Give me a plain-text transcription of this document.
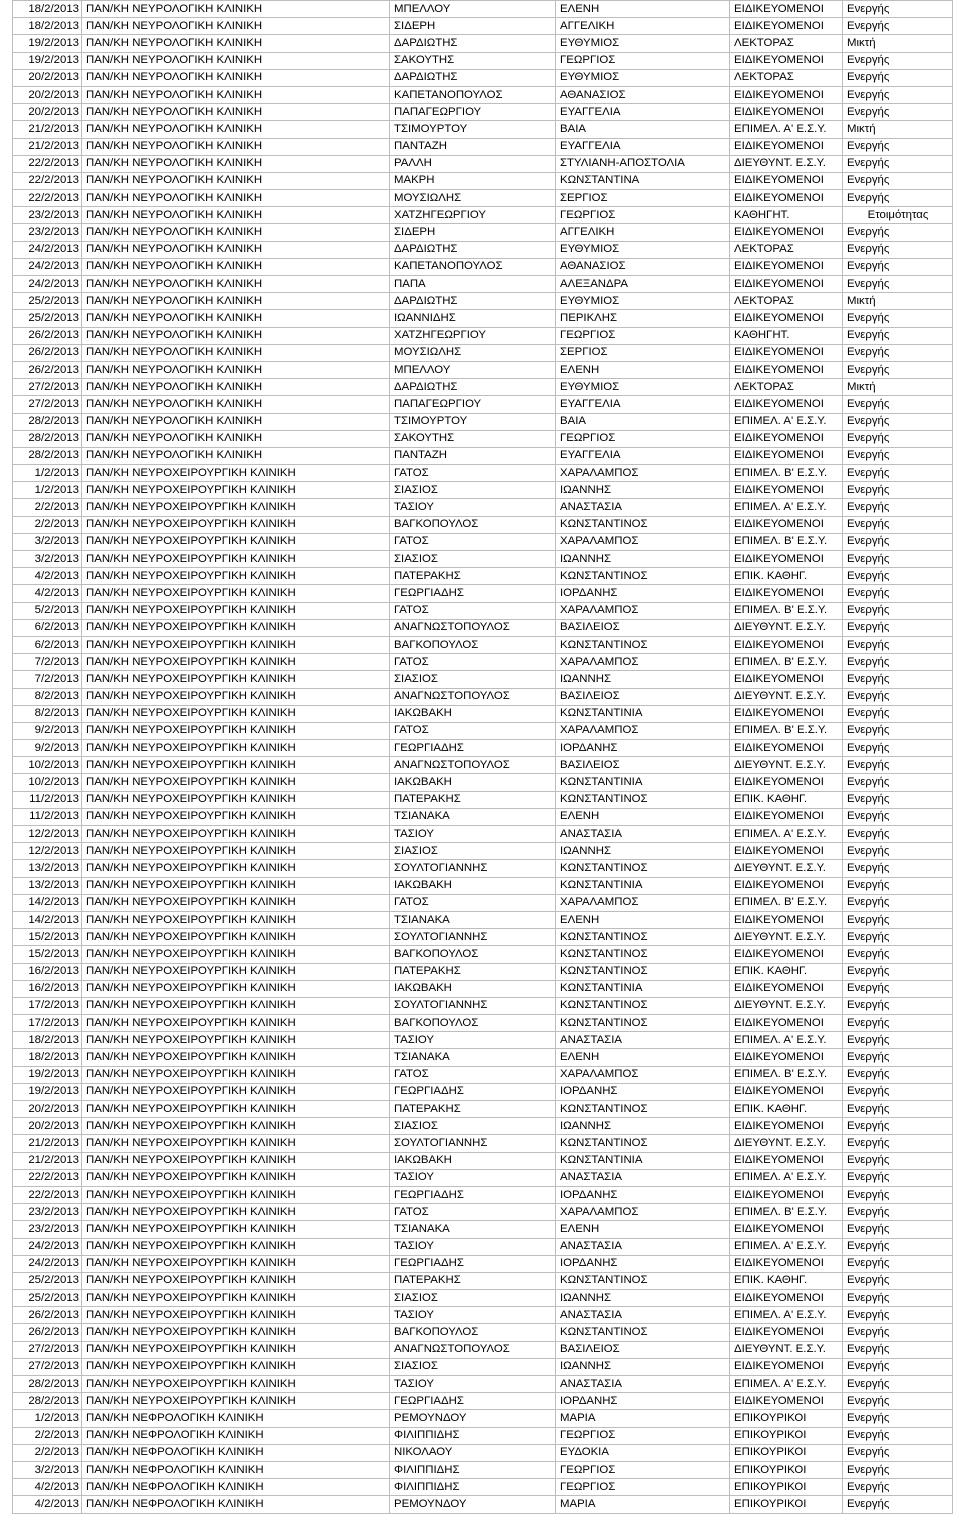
18/2/2013	ΠΑΝ/ΚΗ ΝΕΥΡΟΛΟΓΙΚΗ ΚΛΙΝΙΚΗ	ΜΠΕΛΛΟΥ	ΕΛΕΝΗ	ΕΙΔΙΚΕΥΟΜΕΝΟΙ	Ενεργής
18/2/2013	ΠΑΝ/ΚΗ ΝΕΥΡΟΛΟΓΙΚΗ ΚΛΙΝΙΚΗ	ΣΙΔΕΡΗ	ΑΓΓΕΛΙΚΗ	ΕΙΔΙΚΕΥΟΜΕΝΟΙ	Ενεργής
19/2/2013	ΠΑΝ/ΚΗ ΝΕΥΡΟΛΟΓΙΚΗ ΚΛΙΝΙΚΗ	ΔΑΡΔΙΩΤΗΣ	ΕΥΘΥΜΙΟΣ	ΛΕΚΤΟΡΑΣ	Μικτή
19/2/2013	ΠΑΝ/ΚΗ ΝΕΥΡΟΛΟΓΙΚΗ ΚΛΙΝΙΚΗ	ΣΑΚΟΥΤΗΣ	ΓΕΩΡΓΙΟΣ	ΕΙΔΙΚΕΥΟΜΕΝΟΙ	Ενεργής
20/2/2013	ΠΑΝ/ΚΗ ΝΕΥΡΟΛΟΓΙΚΗ ΚΛΙΝΙΚΗ	ΔΑΡΔΙΩΤΗΣ	ΕΥΘΥΜΙΟΣ	ΛΕΚΤΟΡΑΣ	Ενεργής
20/2/2013	ΠΑΝ/ΚΗ ΝΕΥΡΟΛΟΓΙΚΗ ΚΛΙΝΙΚΗ	ΚΑΠΕΤΑΝΟΠΟΥΛΟΣ	ΑΘΑΝΑΣΙΟΣ	ΕΙΔΙΚΕΥΟΜΕΝΟΙ	Ενεργής
20/2/2013	ΠΑΝ/ΚΗ ΝΕΥΡΟΛΟΓΙΚΗ ΚΛΙΝΙΚΗ	ΠΑΠΑΓΕΩΡΓΙΟΥ	ΕΥΑΓΓΕΛΙΑ	ΕΙΔΙΚΕΥΟΜΕΝΟΙ	Ενεργής
21/2/2013	ΠΑΝ/ΚΗ ΝΕΥΡΟΛΟΓΙΚΗ ΚΛΙΝΙΚΗ	ΤΣΙΜΟΥΡΤΟΥ	ΒΑΙΑ	ΕΠΙΜΕΛ. Α' Ε.Σ.Υ.	Μικτή
21/2/2013	ΠΑΝ/ΚΗ ΝΕΥΡΟΛΟΓΙΚΗ ΚΛΙΝΙΚΗ	ΠΑΝΤΑΖΗ	ΕΥΑΓΓΕΛΙΑ	ΕΙΔΙΚΕΥΟΜΕΝΟΙ	Ενεργής
22/2/2013	ΠΑΝ/ΚΗ ΝΕΥΡΟΛΟΓΙΚΗ ΚΛΙΝΙΚΗ	ΡΑΛΛΗ	ΣΤΥΛΙΑΝΗ-ΑΠΟΣΤΟΛΙΑ	ΔΙΕΥΘΥΝΤ. Ε.Σ.Υ.	Ενεργής
22/2/2013	ΠΑΝ/ΚΗ ΝΕΥΡΟΛΟΓΙΚΗ ΚΛΙΝΙΚΗ	ΜΑΚΡΗ	ΚΩΝΣΤΑΝΤΙΝΑ	ΕΙΔΙΚΕΥΟΜΕΝΟΙ	Ενεργής
22/2/2013	ΠΑΝ/ΚΗ ΝΕΥΡΟΛΟΓΙΚΗ ΚΛΙΝΙΚΗ	ΜΟΥΣΙΩΛΗΣ	ΣΕΡΓΙΟΣ	ΕΙΔΙΚΕΥΟΜΕΝΟΙ	Ενεργής
23/2/2013	ΠΑΝ/ΚΗ ΝΕΥΡΟΛΟΓΙΚΗ ΚΛΙΝΙΚΗ	ΧΑΤΖΗΓΕΩΡΓΙΟΥ	ΓΕΩΡΓΙΟΣ	ΚΑΘΗΓΗΤ.	Ετοιμότητας
23/2/2013	ΠΑΝ/ΚΗ ΝΕΥΡΟΛΟΓΙΚΗ ΚΛΙΝΙΚΗ	ΣΙΔΕΡΗ	ΑΓΓΕΛΙΚΗ	ΕΙΔΙΚΕΥΟΜΕΝΟΙ	Ενεργής
24/2/2013	ΠΑΝ/ΚΗ ΝΕΥΡΟΛΟΓΙΚΗ ΚΛΙΝΙΚΗ	ΔΑΡΔΙΩΤΗΣ	ΕΥΘΥΜΙΟΣ	ΛΕΚΤΟΡΑΣ	Ενεργής
24/2/2013	ΠΑΝ/ΚΗ ΝΕΥΡΟΛΟΓΙΚΗ ΚΛΙΝΙΚΗ	ΚΑΠΕΤΑΝΟΠΟΥΛΟΣ	ΑΘΑΝΑΣΙΟΣ	ΕΙΔΙΚΕΥΟΜΕΝΟΙ	Ενεργής
24/2/2013	ΠΑΝ/ΚΗ ΝΕΥΡΟΛΟΓΙΚΗ ΚΛΙΝΙΚΗ	ΠΑΠΑ	ΑΛΕΞΑΝΔΡΑ	ΕΙΔΙΚΕΥΟΜΕΝΟΙ	Ενεργής
25/2/2013	ΠΑΝ/ΚΗ ΝΕΥΡΟΛΟΓΙΚΗ ΚΛΙΝΙΚΗ	ΔΑΡΔΙΩΤΗΣ	ΕΥΘΥΜΙΟΣ	ΛΕΚΤΟΡΑΣ	Μικτή
25/2/2013	ΠΑΝ/ΚΗ ΝΕΥΡΟΛΟΓΙΚΗ ΚΛΙΝΙΚΗ	ΙΩΑΝΝΙΔΗΣ	ΠΕΡΙΚΛΗΣ	ΕΙΔΙΚΕΥΟΜΕΝΟΙ	Ενεργής
26/2/2013	ΠΑΝ/ΚΗ ΝΕΥΡΟΛΟΓΙΚΗ ΚΛΙΝΙΚΗ	ΧΑΤΖΗΓΕΩΡΓΙΟΥ	ΓΕΩΡΓΙΟΣ	ΚΑΘΗΓΗΤ.	Ενεργής
26/2/2013	ΠΑΝ/ΚΗ ΝΕΥΡΟΛΟΓΙΚΗ ΚΛΙΝΙΚΗ	ΜΟΥΣΙΩΛΗΣ	ΣΕΡΓΙΟΣ	ΕΙΔΙΚΕΥΟΜΕΝΟΙ	Ενεργής
26/2/2013	ΠΑΝ/ΚΗ ΝΕΥΡΟΛΟΓΙΚΗ ΚΛΙΝΙΚΗ	ΜΠΕΛΛΟΥ	ΕΛΕΝΗ	ΕΙΔΙΚΕΥΟΜΕΝΟΙ	Ενεργής
27/2/2013	ΠΑΝ/ΚΗ ΝΕΥΡΟΛΟΓΙΚΗ ΚΛΙΝΙΚΗ	ΔΑΡΔΙΩΤΗΣ	ΕΥΘΥΜΙΟΣ	ΛΕΚΤΟΡΑΣ	Μικτή
27/2/2013	ΠΑΝ/ΚΗ ΝΕΥΡΟΛΟΓΙΚΗ ΚΛΙΝΙΚΗ	ΠΑΠΑΓΕΩΡΓΙΟΥ	ΕΥΑΓΓΕΛΙΑ	ΕΙΔΙΚΕΥΟΜΕΝΟΙ	Ενεργής
28/2/2013	ΠΑΝ/ΚΗ ΝΕΥΡΟΛΟΓΙΚΗ ΚΛΙΝΙΚΗ	ΤΣΙΜΟΥΡΤΟΥ	ΒΑΙΑ	ΕΠΙΜΕΛ. Α' Ε.Σ.Υ.	Ενεργής
28/2/2013	ΠΑΝ/ΚΗ ΝΕΥΡΟΛΟΓΙΚΗ ΚΛΙΝΙΚΗ	ΣΑΚΟΥΤΗΣ	ΓΕΩΡΓΙΟΣ	ΕΙΔΙΚΕΥΟΜΕΝΟΙ	Ενεργής
28/2/2013	ΠΑΝ/ΚΗ ΝΕΥΡΟΛΟΓΙΚΗ ΚΛΙΝΙΚΗ	ΠΑΝΤΑΖΗ	ΕΥΑΓΓΕΛΙΑ	ΕΙΔΙΚΕΥΟΜΕΝΟΙ	Ενεργής
1/2/2013	ΠΑΝ/ΚΗ ΝΕΥΡΟΧΕΙΡΟΥΡΓΙΚΗ ΚΛΙΝΙΚΗ	ΓΑΤΟΣ	ΧΑΡΑΛΑΜΠΟΣ	ΕΠΙΜΕΛ. Β' Ε.Σ.Υ.	Ενεργής
1/2/2013	ΠΑΝ/ΚΗ ΝΕΥΡΟΧΕΙΡΟΥΡΓΙΚΗ ΚΛΙΝΙΚΗ	ΣΙΑΣΙΟΣ	ΙΩΑΝΝΗΣ	ΕΙΔΙΚΕΥΟΜΕΝΟΙ	Ενεργής
2/2/2013	ΠΑΝ/ΚΗ ΝΕΥΡΟΧΕΙΡΟΥΡΓΙΚΗ ΚΛΙΝΙΚΗ	ΤΑΣΙΟΥ	ΑΝΑΣΤΑΣΙΑ	ΕΠΙΜΕΛ. Α' Ε.Σ.Υ.	Ενεργής
2/2/2013	ΠΑΝ/ΚΗ ΝΕΥΡΟΧΕΙΡΟΥΡΓΙΚΗ ΚΛΙΝΙΚΗ	ΒΑΓΚΟΠΟΥΛΟΣ	ΚΩΝΣΤΑΝΤΙΝΟΣ	ΕΙΔΙΚΕΥΟΜΕΝΟΙ	Ενεργής
3/2/2013	ΠΑΝ/ΚΗ ΝΕΥΡΟΧΕΙΡΟΥΡΓΙΚΗ ΚΛΙΝΙΚΗ	ΓΑΤΟΣ	ΧΑΡΑΛΑΜΠΟΣ	ΕΠΙΜΕΛ. Β' Ε.Σ.Υ.	Ενεργής
3/2/2013	ΠΑΝ/ΚΗ ΝΕΥΡΟΧΕΙΡΟΥΡΓΙΚΗ ΚΛΙΝΙΚΗ	ΣΙΑΣΙΟΣ	ΙΩΑΝΝΗΣ	ΕΙΔΙΚΕΥΟΜΕΝΟΙ	Ενεργής
4/2/2013	ΠΑΝ/ΚΗ ΝΕΥΡΟΧΕΙΡΟΥΡΓΙΚΗ ΚΛΙΝΙΚΗ	ΠΑΤΕΡΑΚΗΣ	ΚΩΝΣΤΑΝΤΙΝΟΣ	ΕΠΙΚ. ΚΑΘΗΓ.	Ενεργής
4/2/2013	ΠΑΝ/ΚΗ ΝΕΥΡΟΧΕΙΡΟΥΡΓΙΚΗ ΚΛΙΝΙΚΗ	ΓΕΩΡΓΙΑΔΗΣ	ΙΟΡΔΑΝΗΣ	ΕΙΔΙΚΕΥΟΜΕΝΟΙ	Ενεργής
5/2/2013	ΠΑΝ/ΚΗ ΝΕΥΡΟΧΕΙΡΟΥΡΓΙΚΗ ΚΛΙΝΙΚΗ	ΓΑΤΟΣ	ΧΑΡΑΛΑΜΠΟΣ	ΕΠΙΜΕΛ. Β' Ε.Σ.Υ.	Ενεργής
6/2/2013	ΠΑΝ/ΚΗ ΝΕΥΡΟΧΕΙΡΟΥΡΓΙΚΗ ΚΛΙΝΙΚΗ	ΑΝΑΓΝΩΣΤΟΠΟΥΛΟΣ	ΒΑΣΙΛΕΙΟΣ	ΔΙΕΥΘΥΝΤ. Ε.Σ.Υ.	Ενεργής
6/2/2013	ΠΑΝ/ΚΗ ΝΕΥΡΟΧΕΙΡΟΥΡΓΙΚΗ ΚΛΙΝΙΚΗ	ΒΑΓΚΟΠΟΥΛΟΣ	ΚΩΝΣΤΑΝΤΙΝΟΣ	ΕΙΔΙΚΕΥΟΜΕΝΟΙ	Ενεργής
7/2/2013	ΠΑΝ/ΚΗ ΝΕΥΡΟΧΕΙΡΟΥΡΓΙΚΗ ΚΛΙΝΙΚΗ	ΓΑΤΟΣ	ΧΑΡΑΛΑΜΠΟΣ	ΕΠΙΜΕΛ. Β' Ε.Σ.Υ.	Ενεργής
7/2/2013	ΠΑΝ/ΚΗ ΝΕΥΡΟΧΕΙΡΟΥΡΓΙΚΗ ΚΛΙΝΙΚΗ	ΣΙΑΣΙΟΣ	ΙΩΑΝΝΗΣ	ΕΙΔΙΚΕΥΟΜΕΝΟΙ	Ενεργής
8/2/2013	ΠΑΝ/ΚΗ ΝΕΥΡΟΧΕΙΡΟΥΡΓΙΚΗ ΚΛΙΝΙΚΗ	ΑΝΑΓΝΩΣΤΟΠΟΥΛΟΣ	ΒΑΣΙΛΕΙΟΣ	ΔΙΕΥΘΥΝΤ. Ε.Σ.Υ.	Ενεργής
8/2/2013	ΠΑΝ/ΚΗ ΝΕΥΡΟΧΕΙΡΟΥΡΓΙΚΗ ΚΛΙΝΙΚΗ	ΙΑΚΩΒΑΚΗ	ΚΩΝΣΤΑΝΤΙΝΙΑ	ΕΙΔΙΚΕΥΟΜΕΝΟΙ	Ενεργής
9/2/2013	ΠΑΝ/ΚΗ ΝΕΥΡΟΧΕΙΡΟΥΡΓΙΚΗ ΚΛΙΝΙΚΗ	ΓΑΤΟΣ	ΧΑΡΑΛΑΜΠΟΣ	ΕΠΙΜΕΛ. Β' Ε.Σ.Υ.	Ενεργής
9/2/2013	ΠΑΝ/ΚΗ ΝΕΥΡΟΧΕΙΡΟΥΡΓΙΚΗ ΚΛΙΝΙΚΗ	ΓΕΩΡΓΙΑΔΗΣ	ΙΟΡΔΑΝΗΣ	ΕΙΔΙΚΕΥΟΜΕΝΟΙ	Ενεργής
10/2/2013	ΠΑΝ/ΚΗ ΝΕΥΡΟΧΕΙΡΟΥΡΓΙΚΗ ΚΛΙΝΙΚΗ	ΑΝΑΓΝΩΣΤΟΠΟΥΛΟΣ	ΒΑΣΙΛΕΙΟΣ	ΔΙΕΥΘΥΝΤ. Ε.Σ.Υ.	Ενεργής
10/2/2013	ΠΑΝ/ΚΗ ΝΕΥΡΟΧΕΙΡΟΥΡΓΙΚΗ ΚΛΙΝΙΚΗ	ΙΑΚΩΒΑΚΗ	ΚΩΝΣΤΑΝΤΙΝΙΑ	ΕΙΔΙΚΕΥΟΜΕΝΟΙ	Ενεργής
11/2/2013	ΠΑΝ/ΚΗ ΝΕΥΡΟΧΕΙΡΟΥΡΓΙΚΗ ΚΛΙΝΙΚΗ	ΠΑΤΕΡΑΚΗΣ	ΚΩΝΣΤΑΝΤΙΝΟΣ	ΕΠΙΚ. ΚΑΘΗΓ.	Ενεργής
11/2/2013	ΠΑΝ/ΚΗ ΝΕΥΡΟΧΕΙΡΟΥΡΓΙΚΗ ΚΛΙΝΙΚΗ	ΤΣΙΑΝΑΚΑ	ΕΛΕΝΗ	ΕΙΔΙΚΕΥΟΜΕΝΟΙ	Ενεργής
12/2/2013	ΠΑΝ/ΚΗ ΝΕΥΡΟΧΕΙΡΟΥΡΓΙΚΗ ΚΛΙΝΙΚΗ	ΤΑΣΙΟΥ	ΑΝΑΣΤΑΣΙΑ	ΕΠΙΜΕΛ. Α' Ε.Σ.Υ.	Ενεργής
12/2/2013	ΠΑΝ/ΚΗ ΝΕΥΡΟΧΕΙΡΟΥΡΓΙΚΗ ΚΛΙΝΙΚΗ	ΣΙΑΣΙΟΣ	ΙΩΑΝΝΗΣ	ΕΙΔΙΚΕΥΟΜΕΝΟΙ	Ενεργής
13/2/2013	ΠΑΝ/ΚΗ ΝΕΥΡΟΧΕΙΡΟΥΡΓΙΚΗ ΚΛΙΝΙΚΗ	ΣΟΥΛΤΟΓΙΑΝΝΗΣ	ΚΩΝΣΤΑΝΤΙΝΟΣ	ΔΙΕΥΘΥΝΤ. Ε.Σ.Υ.	Ενεργής
13/2/2013	ΠΑΝ/ΚΗ ΝΕΥΡΟΧΕΙΡΟΥΡΓΙΚΗ ΚΛΙΝΙΚΗ	ΙΑΚΩΒΑΚΗ	ΚΩΝΣΤΑΝΤΙΝΙΑ	ΕΙΔΙΚΕΥΟΜΕΝΟΙ	Ενεργής
14/2/2013	ΠΑΝ/ΚΗ ΝΕΥΡΟΧΕΙΡΟΥΡΓΙΚΗ ΚΛΙΝΙΚΗ	ΓΑΤΟΣ	ΧΑΡΑΛΑΜΠΟΣ	ΕΠΙΜΕΛ. Β' Ε.Σ.Υ.	Ενεργής
14/2/2013	ΠΑΝ/ΚΗ ΝΕΥΡΟΧΕΙΡΟΥΡΓΙΚΗ ΚΛΙΝΙΚΗ	ΤΣΙΑΝΑΚΑ	ΕΛΕΝΗ	ΕΙΔΙΚΕΥΟΜΕΝΟΙ	Ενεργής
15/2/2013	ΠΑΝ/ΚΗ ΝΕΥΡΟΧΕΙΡΟΥΡΓΙΚΗ ΚΛΙΝΙΚΗ	ΣΟΥΛΤΟΓΙΑΝΝΗΣ	ΚΩΝΣΤΑΝΤΙΝΟΣ	ΔΙΕΥΘΥΝΤ. Ε.Σ.Υ.	Ενεργής
15/2/2013	ΠΑΝ/ΚΗ ΝΕΥΡΟΧΕΙΡΟΥΡΓΙΚΗ ΚΛΙΝΙΚΗ	ΒΑΓΚΟΠΟΥΛΟΣ	ΚΩΝΣΤΑΝΤΙΝΟΣ	ΕΙΔΙΚΕΥΟΜΕΝΟΙ	Ενεργής
16/2/2013	ΠΑΝ/ΚΗ ΝΕΥΡΟΧΕΙΡΟΥΡΓΙΚΗ ΚΛΙΝΙΚΗ	ΠΑΤΕΡΑΚΗΣ	ΚΩΝΣΤΑΝΤΙΝΟΣ	ΕΠΙΚ. ΚΑΘΗΓ.	Ενεργής
16/2/2013	ΠΑΝ/ΚΗ ΝΕΥΡΟΧΕΙΡΟΥΡΓΙΚΗ ΚΛΙΝΙΚΗ	ΙΑΚΩΒΑΚΗ	ΚΩΝΣΤΑΝΤΙΝΙΑ	ΕΙΔΙΚΕΥΟΜΕΝΟΙ	Ενεργής
17/2/2013	ΠΑΝ/ΚΗ ΝΕΥΡΟΧΕΙΡΟΥΡΓΙΚΗ ΚΛΙΝΙΚΗ	ΣΟΥΛΤΟΓΙΑΝΝΗΣ	ΚΩΝΣΤΑΝΤΙΝΟΣ	ΔΙΕΥΘΥΝΤ. Ε.Σ.Υ.	Ενεργής
17/2/2013	ΠΑΝ/ΚΗ ΝΕΥΡΟΧΕΙΡΟΥΡΓΙΚΗ ΚΛΙΝΙΚΗ	ΒΑΓΚΟΠΟΥΛΟΣ	ΚΩΝΣΤΑΝΤΙΝΟΣ	ΕΙΔΙΚΕΥΟΜΕΝΟΙ	Ενεργής
18/2/2013	ΠΑΝ/ΚΗ ΝΕΥΡΟΧΕΙΡΟΥΡΓΙΚΗ ΚΛΙΝΙΚΗ	ΤΑΣΙΟΥ	ΑΝΑΣΤΑΣΙΑ	ΕΠΙΜΕΛ. Α' Ε.Σ.Υ.	Ενεργής
18/2/2013	ΠΑΝ/ΚΗ ΝΕΥΡΟΧΕΙΡΟΥΡΓΙΚΗ ΚΛΙΝΙΚΗ	ΤΣΙΑΝΑΚΑ	ΕΛΕΝΗ	ΕΙΔΙΚΕΥΟΜΕΝΟΙ	Ενεργής
19/2/2013	ΠΑΝ/ΚΗ ΝΕΥΡΟΧΕΙΡΟΥΡΓΙΚΗ ΚΛΙΝΙΚΗ	ΓΑΤΟΣ	ΧΑΡΑΛΑΜΠΟΣ	ΕΠΙΜΕΛ. Β' Ε.Σ.Υ.	Ενεργής
19/2/2013	ΠΑΝ/ΚΗ ΝΕΥΡΟΧΕΙΡΟΥΡΓΙΚΗ ΚΛΙΝΙΚΗ	ΓΕΩΡΓΙΑΔΗΣ	ΙΟΡΔΑΝΗΣ	ΕΙΔΙΚΕΥΟΜΕΝΟΙ	Ενεργής
20/2/2013	ΠΑΝ/ΚΗ ΝΕΥΡΟΧΕΙΡΟΥΡΓΙΚΗ ΚΛΙΝΙΚΗ	ΠΑΤΕΡΑΚΗΣ	ΚΩΝΣΤΑΝΤΙΝΟΣ	ΕΠΙΚ. ΚΑΘΗΓ.	Ενεργής
20/2/2013	ΠΑΝ/ΚΗ ΝΕΥΡΟΧΕΙΡΟΥΡΓΙΚΗ ΚΛΙΝΙΚΗ	ΣΙΑΣΙΟΣ	ΙΩΑΝΝΗΣ	ΕΙΔΙΚΕΥΟΜΕΝΟΙ	Ενεργής
21/2/2013	ΠΑΝ/ΚΗ ΝΕΥΡΟΧΕΙΡΟΥΡΓΙΚΗ ΚΛΙΝΙΚΗ	ΣΟΥΛΤΟΓΙΑΝΝΗΣ	ΚΩΝΣΤΑΝΤΙΝΟΣ	ΔΙΕΥΘΥΝΤ. Ε.Σ.Υ.	Ενεργής
21/2/2013	ΠΑΝ/ΚΗ ΝΕΥΡΟΧΕΙΡΟΥΡΓΙΚΗ ΚΛΙΝΙΚΗ	ΙΑΚΩΒΑΚΗ	ΚΩΝΣΤΑΝΤΙΝΙΑ	ΕΙΔΙΚΕΥΟΜΕΝΟΙ	Ενεργής
22/2/2013	ΠΑΝ/ΚΗ ΝΕΥΡΟΧΕΙΡΟΥΡΓΙΚΗ ΚΛΙΝΙΚΗ	ΤΑΣΙΟΥ	ΑΝΑΣΤΑΣΙΑ	ΕΠΙΜΕΛ. Α' Ε.Σ.Υ.	Ενεργής
22/2/2013	ΠΑΝ/ΚΗ ΝΕΥΡΟΧΕΙΡΟΥΡΓΙΚΗ ΚΛΙΝΙΚΗ	ΓΕΩΡΓΙΑΔΗΣ	ΙΟΡΔΑΝΗΣ	ΕΙΔΙΚΕΥΟΜΕΝΟΙ	Ενεργής
23/2/2013	ΠΑΝ/ΚΗ ΝΕΥΡΟΧΕΙΡΟΥΡΓΙΚΗ ΚΛΙΝΙΚΗ	ΓΑΤΟΣ	ΧΑΡΑΛΑΜΠΟΣ	ΕΠΙΜΕΛ. Β' Ε.Σ.Υ.	Ενεργής
23/2/2013	ΠΑΝ/ΚΗ ΝΕΥΡΟΧΕΙΡΟΥΡΓΙΚΗ ΚΛΙΝΙΚΗ	ΤΣΙΑΝΑΚΑ	ΕΛΕΝΗ	ΕΙΔΙΚΕΥΟΜΕΝΟΙ	Ενεργής
24/2/2013	ΠΑΝ/ΚΗ ΝΕΥΡΟΧΕΙΡΟΥΡΓΙΚΗ ΚΛΙΝΙΚΗ	ΤΑΣΙΟΥ	ΑΝΑΣΤΑΣΙΑ	ΕΠΙΜΕΛ. Α' Ε.Σ.Υ.	Ενεργής
24/2/2013	ΠΑΝ/ΚΗ ΝΕΥΡΟΧΕΙΡΟΥΡΓΙΚΗ ΚΛΙΝΙΚΗ	ΓΕΩΡΓΙΑΔΗΣ	ΙΟΡΔΑΝΗΣ	ΕΙΔΙΚΕΥΟΜΕΝΟΙ	Ενεργής
25/2/2013	ΠΑΝ/ΚΗ ΝΕΥΡΟΧΕΙΡΟΥΡΓΙΚΗ ΚΛΙΝΙΚΗ	ΠΑΤΕΡΑΚΗΣ	ΚΩΝΣΤΑΝΤΙΝΟΣ	ΕΠΙΚ. ΚΑΘΗΓ.	Ενεργής
25/2/2013	ΠΑΝ/ΚΗ ΝΕΥΡΟΧΕΙΡΟΥΡΓΙΚΗ ΚΛΙΝΙΚΗ	ΣΙΑΣΙΟΣ	ΙΩΑΝΝΗΣ	ΕΙΔΙΚΕΥΟΜΕΝΟΙ	Ενεργής
26/2/2013	ΠΑΝ/ΚΗ ΝΕΥΡΟΧΕΙΡΟΥΡΓΙΚΗ ΚΛΙΝΙΚΗ	ΤΑΣΙΟΥ	ΑΝΑΣΤΑΣΙΑ	ΕΠΙΜΕΛ. Α' Ε.Σ.Υ.	Ενεργής
26/2/2013	ΠΑΝ/ΚΗ ΝΕΥΡΟΧΕΙΡΟΥΡΓΙΚΗ ΚΛΙΝΙΚΗ	ΒΑΓΚΟΠΟΥΛΟΣ	ΚΩΝΣΤΑΝΤΙΝΟΣ	ΕΙΔΙΚΕΥΟΜΕΝΟΙ	Ενεργής
27/2/2013	ΠΑΝ/ΚΗ ΝΕΥΡΟΧΕΙΡΟΥΡΓΙΚΗ ΚΛΙΝΙΚΗ	ΑΝΑΓΝΩΣΤΟΠΟΥΛΟΣ	ΒΑΣΙΛΕΙΟΣ	ΔΙΕΥΘΥΝΤ. Ε.Σ.Υ.	Ενεργής
27/2/2013	ΠΑΝ/ΚΗ ΝΕΥΡΟΧΕΙΡΟΥΡΓΙΚΗ ΚΛΙΝΙΚΗ	ΣΙΑΣΙΟΣ	ΙΩΑΝΝΗΣ	ΕΙΔΙΚΕΥΟΜΕΝΟΙ	Ενεργής
28/2/2013	ΠΑΝ/ΚΗ ΝΕΥΡΟΧΕΙΡΟΥΡΓΙΚΗ ΚΛΙΝΙΚΗ	ΤΑΣΙΟΥ	ΑΝΑΣΤΑΣΙΑ	ΕΠΙΜΕΛ. Α' Ε.Σ.Υ.	Ενεργής
28/2/2013	ΠΑΝ/ΚΗ ΝΕΥΡΟΧΕΙΡΟΥΡΓΙΚΗ ΚΛΙΝΙΚΗ	ΓΕΩΡΓΙΑΔΗΣ	ΙΟΡΔΑΝΗΣ	ΕΙΔΙΚΕΥΟΜΕΝΟΙ	Ενεργής
1/2/2013	ΠΑΝ/ΚΗ ΝΕΦΡΟΛΟΓΙΚΗ ΚΛΙΝΙΚΗ	ΡΕΜΟΥΝΔΟΥ	ΜΑΡΙΑ	ΕΠΙΚΟΥΡΙΚΟΙ	Ενεργής
2/2/2013	ΠΑΝ/ΚΗ ΝΕΦΡΟΛΟΓΙΚΗ ΚΛΙΝΙΚΗ	ΦΙΛΙΠΠΙΔΗΣ	ΓΕΩΡΓΙΟΣ	ΕΠΙΚΟΥΡΙΚΟΙ	Ενεργής
2/2/2013	ΠΑΝ/ΚΗ ΝΕΦΡΟΛΟΓΙΚΗ ΚΛΙΝΙΚΗ	ΝΙΚΟΛΑΟΥ	ΕΥΔΟΚΙΑ	ΕΠΙΚΟΥΡΙΚΟΙ	Ενεργής
3/2/2013	ΠΑΝ/ΚΗ ΝΕΦΡΟΛΟΓΙΚΗ ΚΛΙΝΙΚΗ	ΦΙΛΙΠΠΙΔΗΣ	ΓΕΩΡΓΙΟΣ	ΕΠΙΚΟΥΡΙΚΟΙ	Ενεργής
4/2/2013	ΠΑΝ/ΚΗ ΝΕΦΡΟΛΟΓΙΚΗ ΚΛΙΝΙΚΗ	ΦΙΛΙΠΠΙΔΗΣ	ΓΕΩΡΓΙΟΣ	ΕΠΙΚΟΥΡΙΚΟΙ	Ενεργής
4/2/2013	ΠΑΝ/ΚΗ ΝΕΦΡΟΛΟΓΙΚΗ ΚΛΙΝΙΚΗ	ΡΕΜΟΥΝΔΟΥ	ΜΑΡΙΑ	ΕΠΙΚΟΥΡΙΚΟΙ	Ενεργής
